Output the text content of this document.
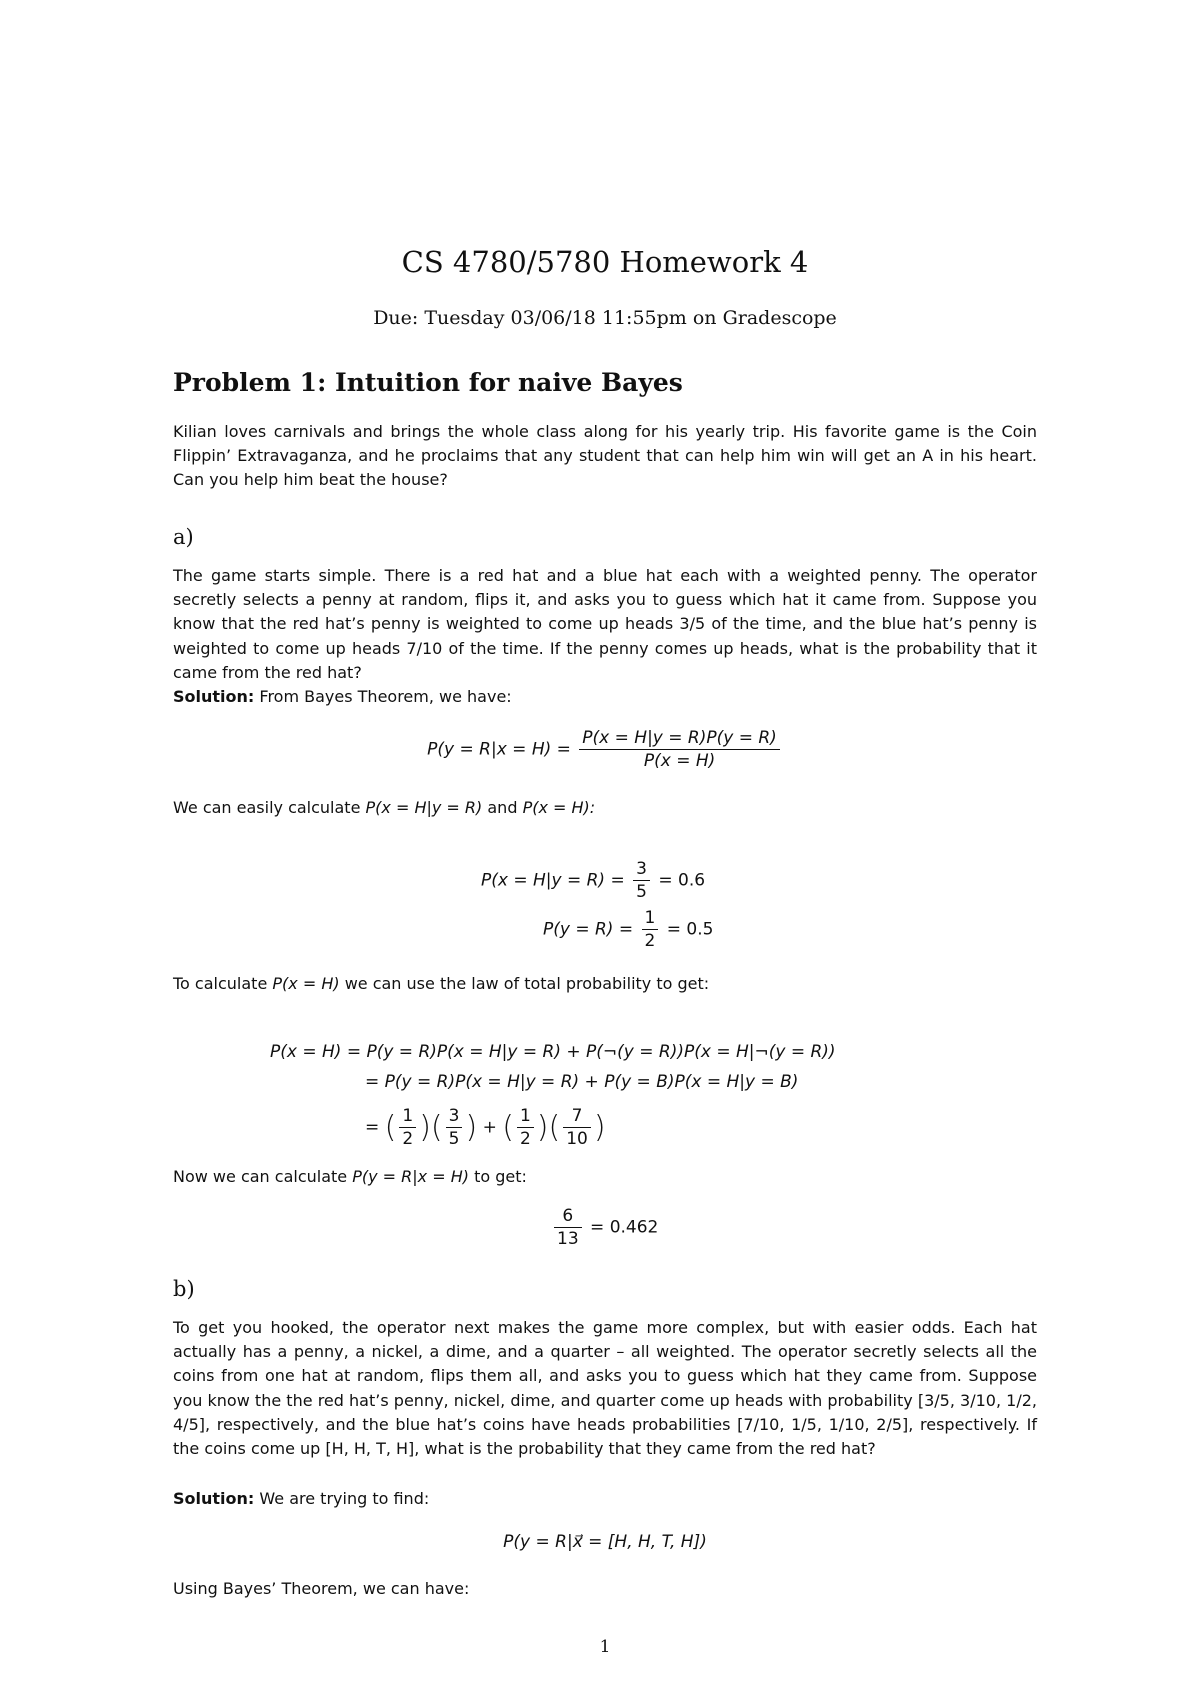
CS 4780/5780 Homework 4
Due: Tuesday 03/06/18 11:55pm on Gradescope
Problem 1: Intuition for naive Bayes

Kilian loves carnivals and brings the whole class along for his yearly trip. His favorite game is the Coin Flippin’ Extravaganza, and he proclaims that any student that can help him win will get an A in his heart. Can you help him beat the house?

a)

The game starts simple. There is a red hat and a blue hat each with a weighted penny. The operator secretly selects a penny at random, flips it, and asks you to guess which hat it came from. Suppose you know that the red hat’s penny is weighted to come up heads 3/5 of the time, and the blue hat’s penny is weighted to come up heads 7/10 of the time. If the penny comes up heads, what is the probability that it came from the red hat?

Solution: From Bayes Theorem, we have:

$P(y = R|x = H) = \frac{P(x = H|y = R)P(y = R)}{P(x = H)}$

We can easily calculate P(x = H|y = R) and P(x = H):

$P(x = H|y = R) = \frac{3}{5} = 0.6$
$P(y = R) = \frac{1}{2} = 0.5$

To calculate P(x = H) we can use the law of total probability to get:

P(x = H) = P(y = R)P(x = H|y = R) + P(¬(y = R))P(x = H|¬(y = R))
= P(y = R)P(x = H|y = R) + P(y = B)P(x = H|y = B)
= ( $\frac{1}{2}$ )( $\frac{3}{5}$ ) + ( $\frac{1}{2}$ )( $\frac{7}{10}$ )

Now we can calculate P(y = R|x = H) to get:

$\frac{6}{13} = 0.462$
b)

To get you hooked, the operator next makes the game more complex, but with easier odds. Each hat actually has a penny, a nickel, a dime, and a quarter – all weighted. The operator secretly selects all the coins from one hat at random, flips them all, and asks you to guess which hat they came from. Suppose you know the the red hat’s penny, nickel, dime, and quarter come up heads with probability [3/5, 3/10, 1/2, 4/5], respectively, and the blue hat’s coins have heads probabilities [7/10, 1/5, 1/10, 2/5], respectively. If the coins come up [H, H, T, H], what is the probability that they came from the red hat?

Solution: We are trying to find:

P(y = R|x⃗ = [H, H, T, H])

Using Bayes’ Theorem, we can have:

1
